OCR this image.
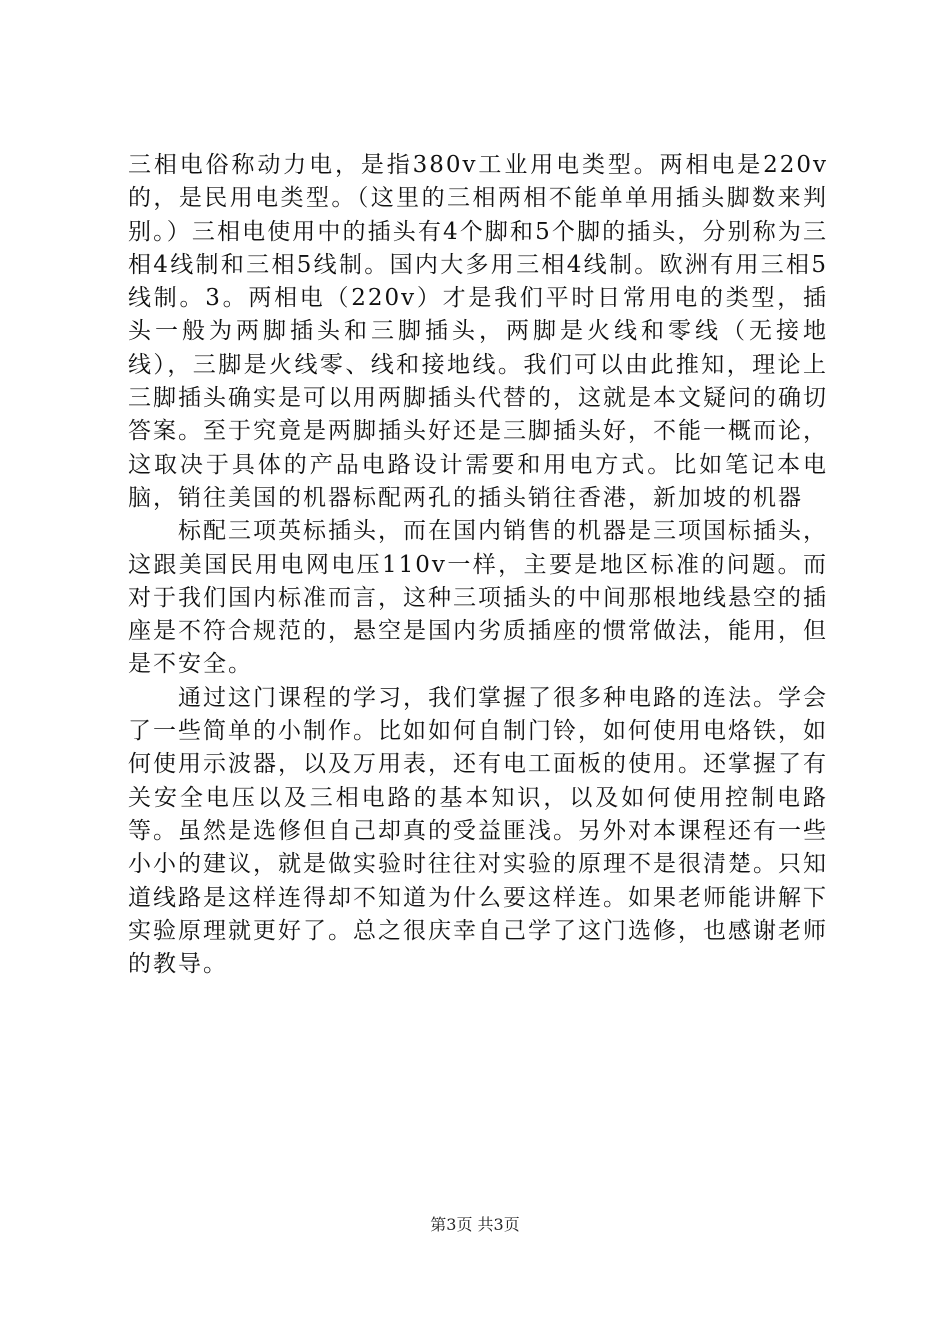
三相电俗称动力电，是指380v工业用电类型。两相电是220v的，是民用电类型。（这里的三相两相不能单单用插头脚数来判别。）三相电使用中的插头有4个脚和5个脚的插头，分别称为三相4线制和三相5线制。国内大多用三相4线制。欧洲有用三相5线制。3。两相电（220v）才是我们平时日常用电的类型，插头一般为两脚插头和三脚插头，两脚是火线和零线（无接地线），三脚是火线零、线和接地线。我们可以由此推知，理论上三脚插头确实是可以用两脚插头代替的，这就是本文疑问的确切答案。至于究竟是两脚插头好还是三脚插头好，不能一概而论，这取决于具体的产品电路设计需要和用电方式。比如笔记本电脑，销往美国的机器标配两孔的插头销往香港，新加坡的机器

标配三项英标插头，而在国内销售的机器是三项国标插头，这跟美国民用电网电压110v一样，主要是地区标准的问题。而对于我们国内标准而言，这种三项插头的中间那根地线悬空的插座是不符合规范的，悬空是国内劣质插座的惯常做法，能用，但是不安全。

通过这门课程的学习，我们掌握了很多种电路的连法。学会了一些简单的小制作。比如如何自制门铃，如何使用电烙铁，如何使用示波器，以及万用表，还有电工面板的使用。还掌握了有关安全电压以及三相电路的基本知识，以及如何使用控制电路等。虽然是选修但自己却真的受益匪浅。另外对本课程还有一些小小的建议，就是做实验时往往对实验的原理不是很清楚。只知道线路是这样连得却不知道为什么要这样连。如果老师能讲解下实验原理就更好了。总之很庆幸自己学了这门选修，也感谢老师的教导。

第3页 共3页
